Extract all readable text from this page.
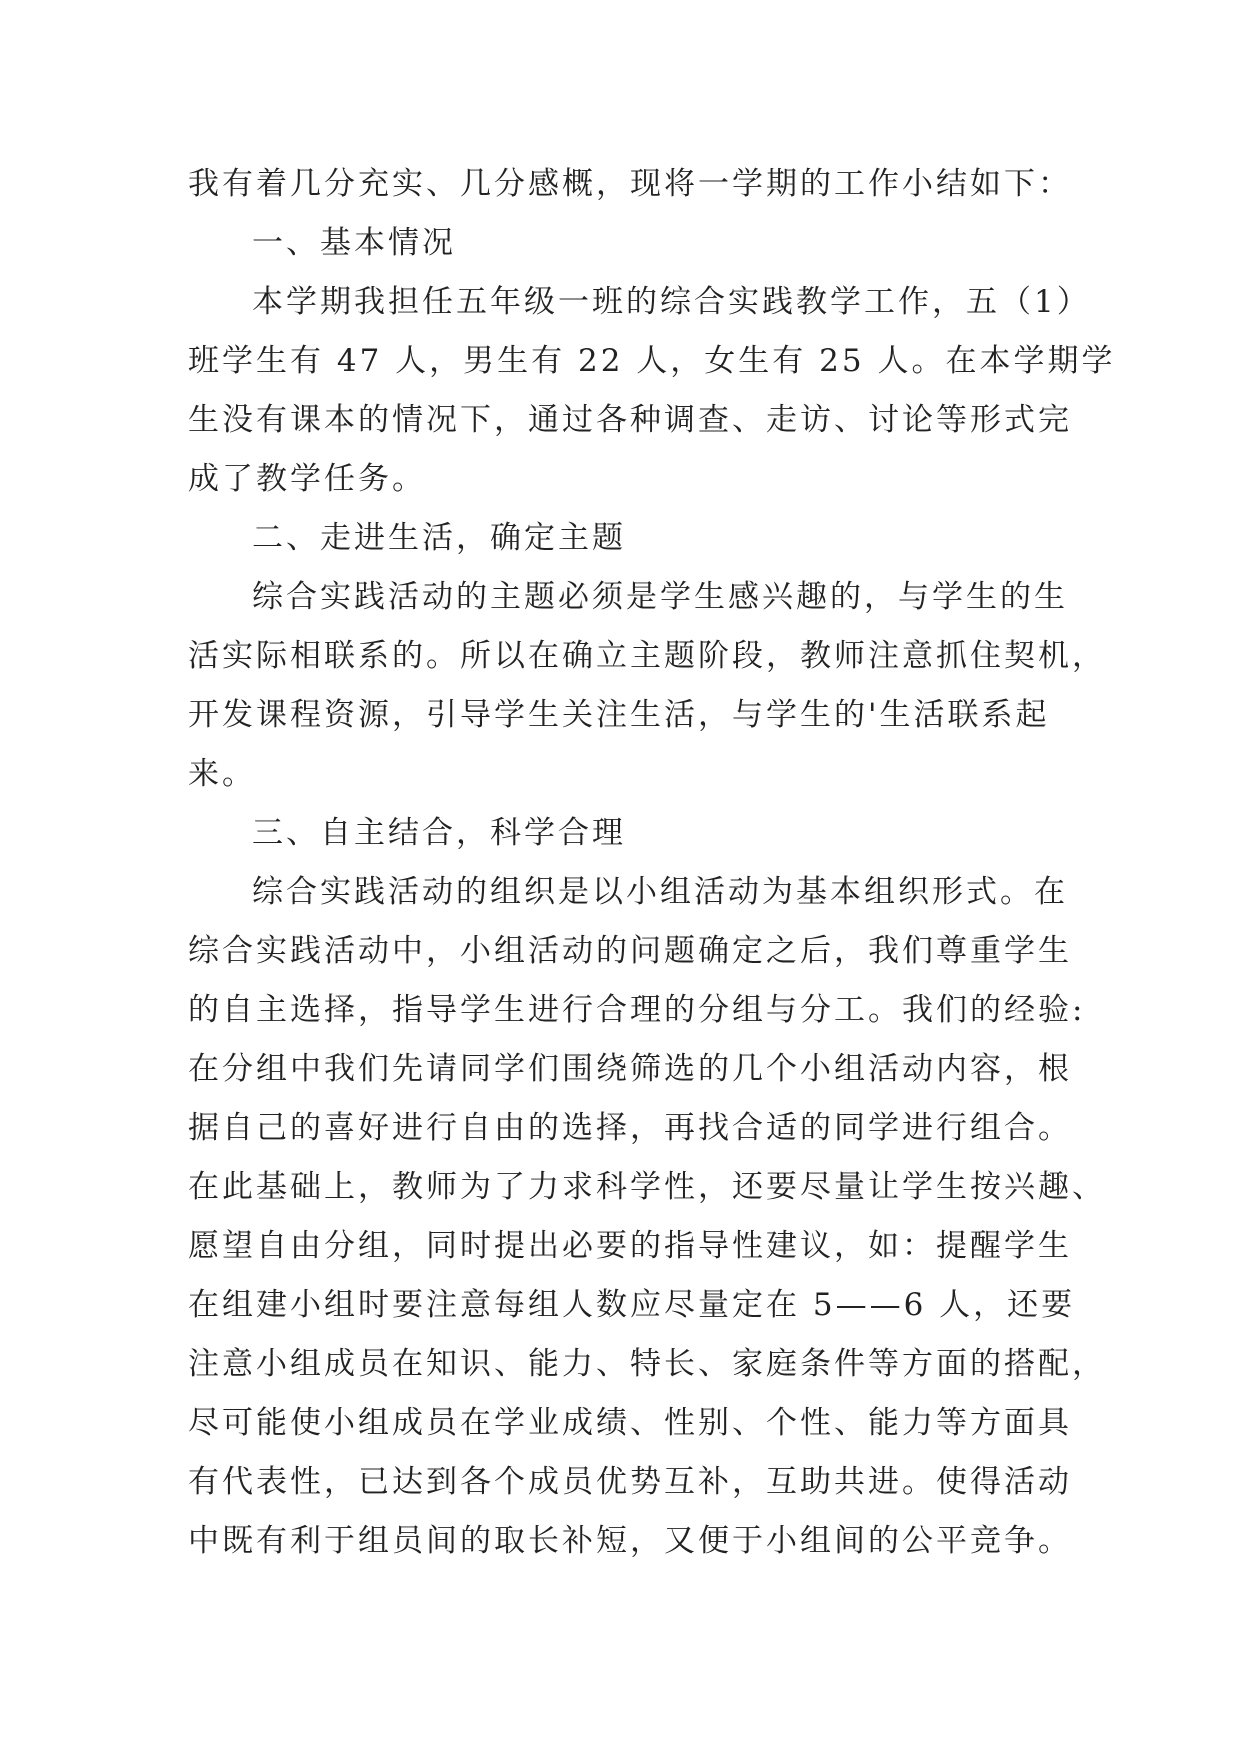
我有着几分充实、几分感概，现将一学期的工作小结如下：
一、基本情况
本学期我担任五年级一班的综合实践教学工作，五（1）
班学生有 47 人，男生有 22 人，女生有 25 人。在本学期学
生没有课本的情况下，通过各种调查、走访、讨论等形式完
成了教学任务。
二、走进生活，确定主题
综合实践活动的主题必须是学生感兴趣的，与学生的生
活实际相联系的。所以在确立主题阶段，教师注意抓住契机，
开发课程资源，引导学生关注生活，与学生的'生活联系起
来。
三、自主结合，科学合理
综合实践活动的组织是以小组活动为基本组织形式。在
综合实践活动中，小组活动的问题确定之后，我们尊重学生
的自主选择，指导学生进行合理的分组与分工。我们的经验:
在分组中我们先请同学们围绕筛选的几个小组活动内容，根
据自己的喜好进行自由的选择，再找合适的同学进行组合。
在此基础上，教师为了力求科学性，还要尽量让学生按兴趣、
愿望自由分组，同时提出必要的指导性建议，如：提醒学生
在组建小组时要注意每组人数应尽量定在 5——6 人，还要
注意小组成员在知识、能力、特长、家庭条件等方面的搭配，
尽可能使小组成员在学业成绩、性别、个性、能力等方面具
有代表性，已达到各个成员优势互补，互助共进。使得活动
中既有利于组员间的取长补短，又便于小组间的公平竞争。
